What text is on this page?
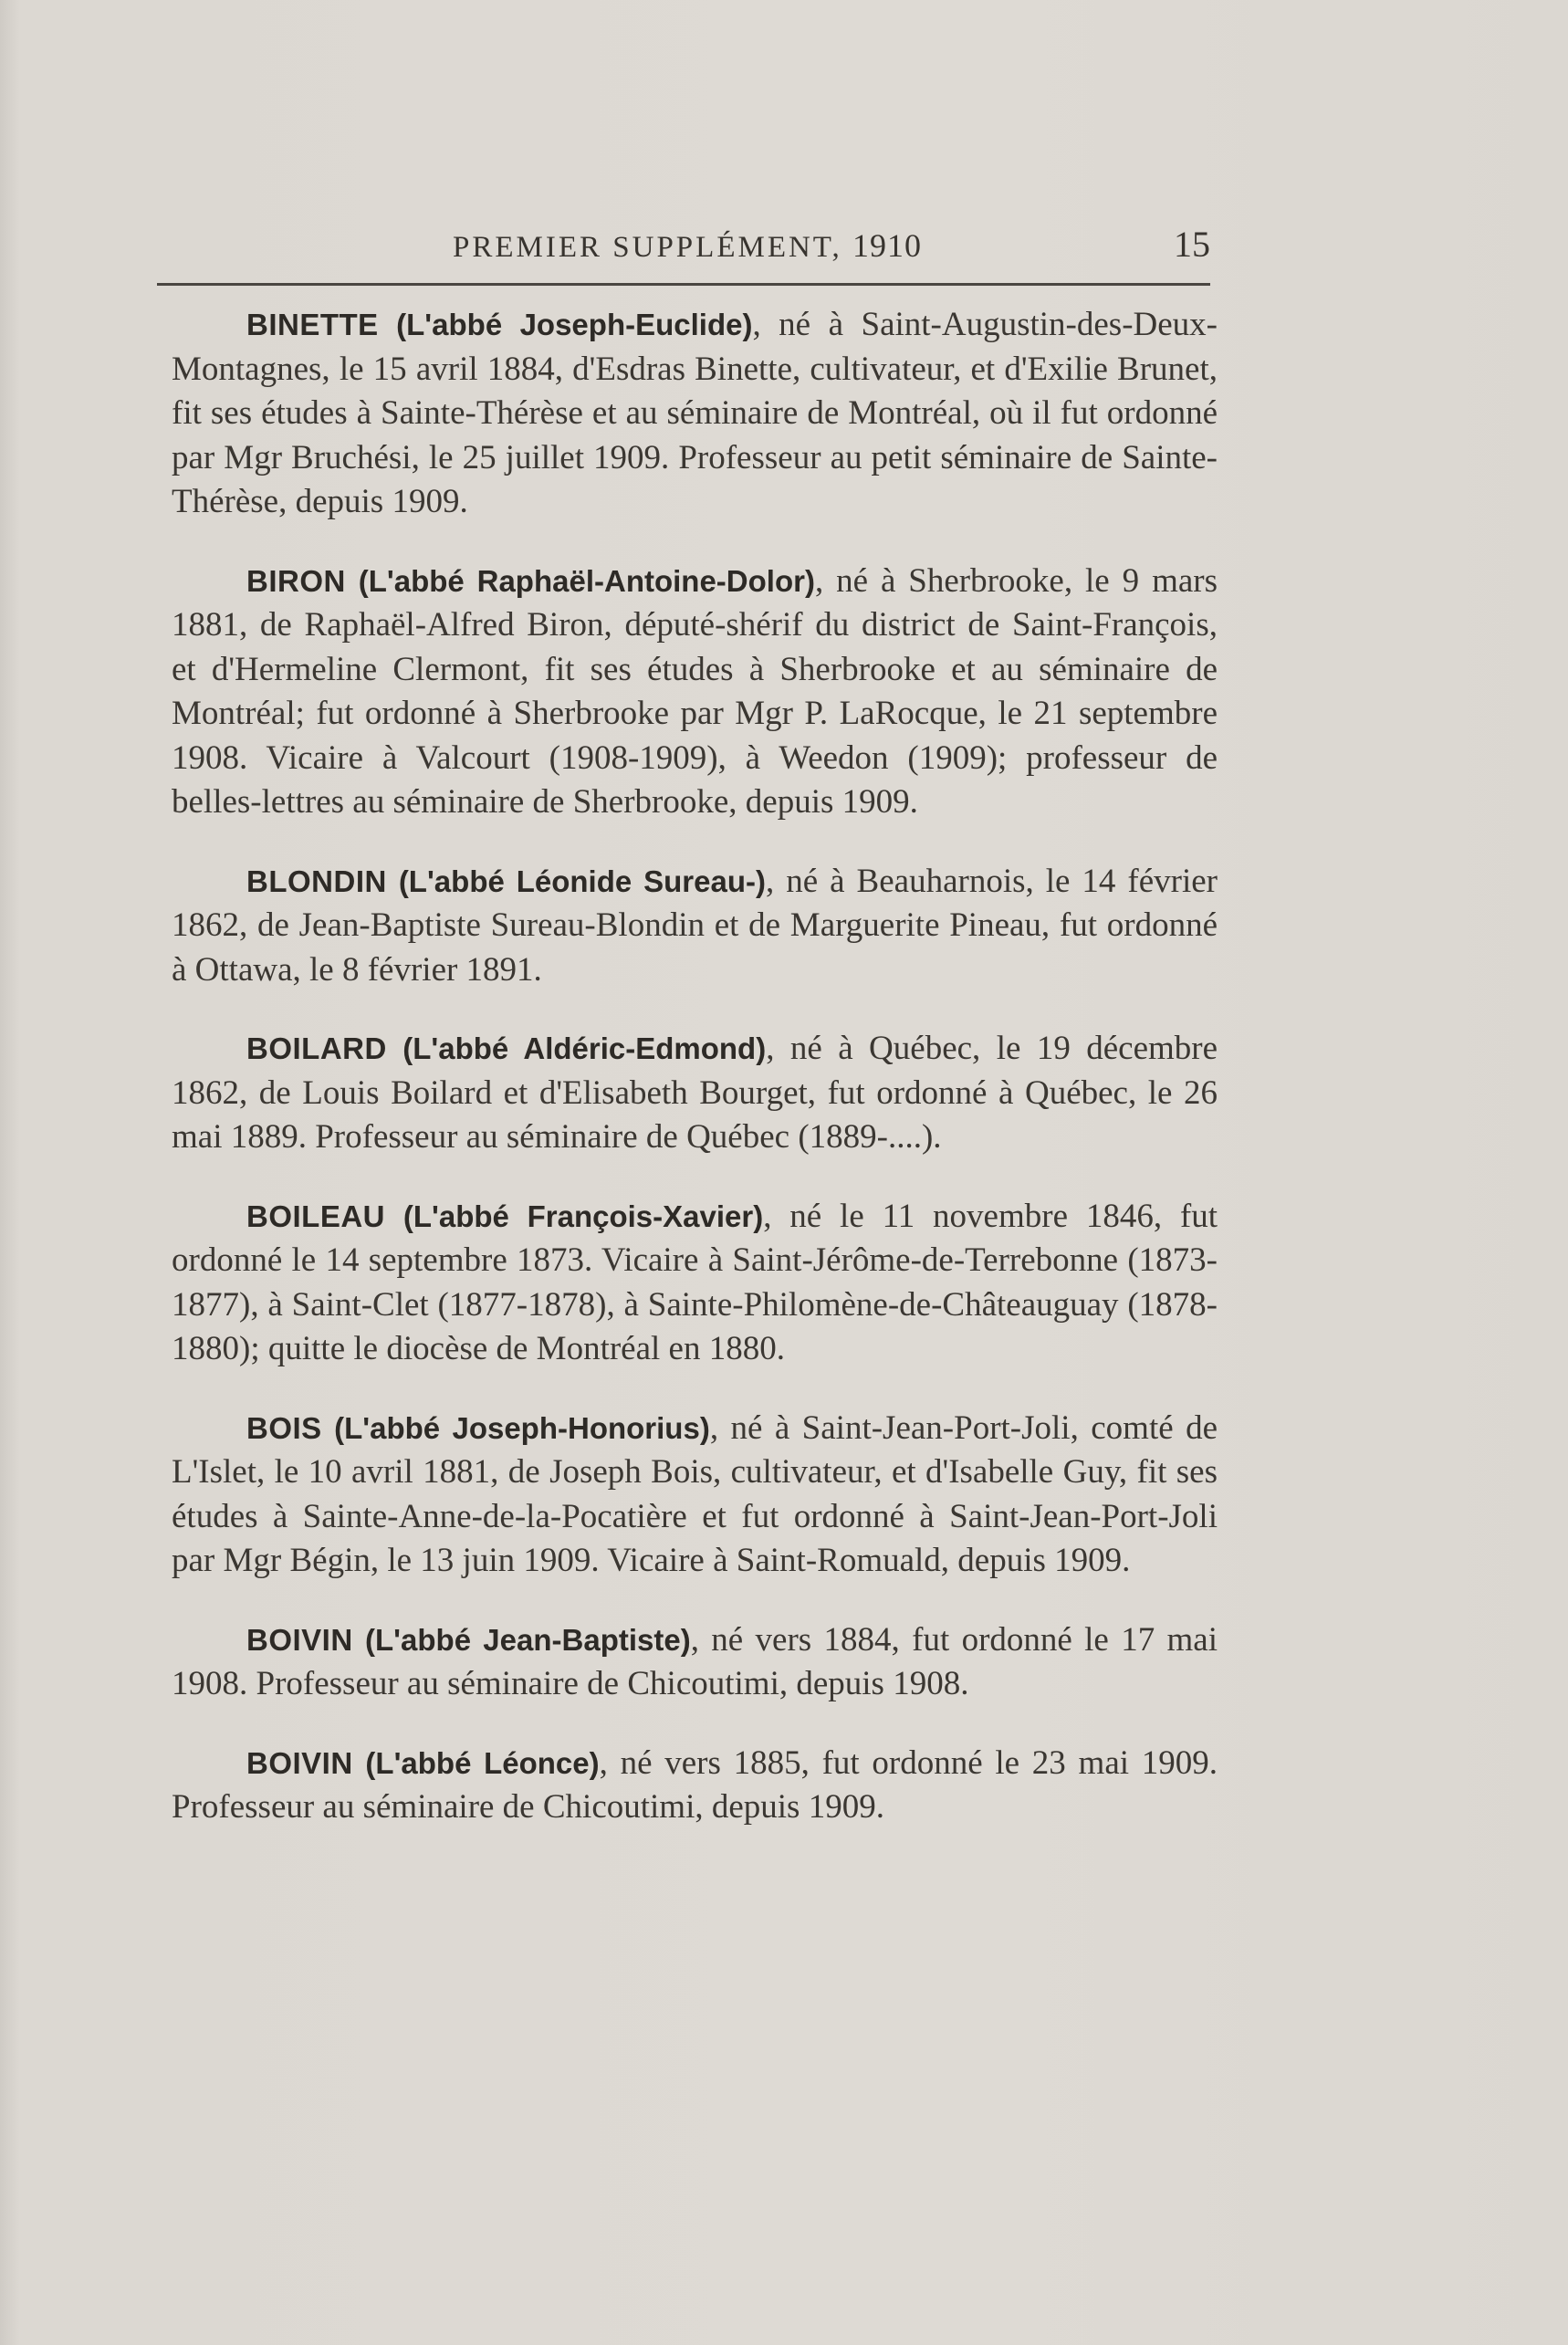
PREMIER SUPPLÉMENT, 1910	15

BINETTE (L'abbé Joseph-Euclide), né à Saint-Augustin-des-Deux-Montagnes, le 15 avril 1884, d'Esdras Binette, cultivateur, et d'Exilie Brunet, fit ses études à Sainte-Thérèse et au séminaire de Montréal, où il fut ordonné par Mgr Bruchési, le 25 juillet 1909. Professeur au petit séminaire de Sainte-Thérèse, depuis 1909.

BIRON (L'abbé Raphaël-Antoine-Dolor), né à Sherbrooke, le 9 mars 1881, de Raphaël-Alfred Biron, député-shérif du district de Saint-François, et d'Hermeline Clermont, fit ses études à Sherbrooke et au séminaire de Montréal; fut ordonné à Sherbrooke par Mgr P. LaRocque, le 21 septembre 1908. Vicaire à Valcourt (1908-1909), à Weedon (1909); professeur de belles-lettres au séminaire de Sherbrooke, depuis 1909.

BLONDIN (L'abbé Léonide Sureau-), né à Beauharnois, le 14 février 1862, de Jean-Baptiste Sureau-Blondin et de Marguerite Pineau, fut ordonné à Ottawa, le 8 février 1891.

BOILARD (L'abbé Aldéric-Edmond), né à Québec, le 19 décembre 1862, de Louis Boilard et d'Elisabeth Bourget, fut ordonné à Québec, le 26 mai 1889. Professeur au séminaire de Québec (1889-....).

BOILEAU (L'abbé François-Xavier), né le 11 novembre 1846, fut ordonné le 14 septembre 1873. Vicaire à Saint-Jérôme-de-Terrebonne (1873-1877), à Saint-Clet (1877-1878), à Sainte-Philomène-de-Châteauguay (1878-1880); quitte le diocèse de Montréal en 1880.

BOIS (L'abbé Joseph-Honorius), né à Saint-Jean-Port-Joli, comté de L'Islet, le 10 avril 1881, de Joseph Bois, cultivateur, et d'Isabelle Guy, fit ses études à Sainte-Anne-de-la-Pocatière et fut ordonné à Saint-Jean-Port-Joli par Mgr Bégin, le 13 juin 1909. Vicaire à Saint-Romuald, depuis 1909.

BOIVIN (L'abbé Jean-Baptiste), né vers 1884, fut ordonné le 17 mai 1908. Professeur au séminaire de Chicoutimi, depuis 1908.

BOIVIN (L'abbé Léonce), né vers 1885, fut ordonné le 23 mai 1909. Professeur au séminaire de Chicoutimi, depuis 1909.
